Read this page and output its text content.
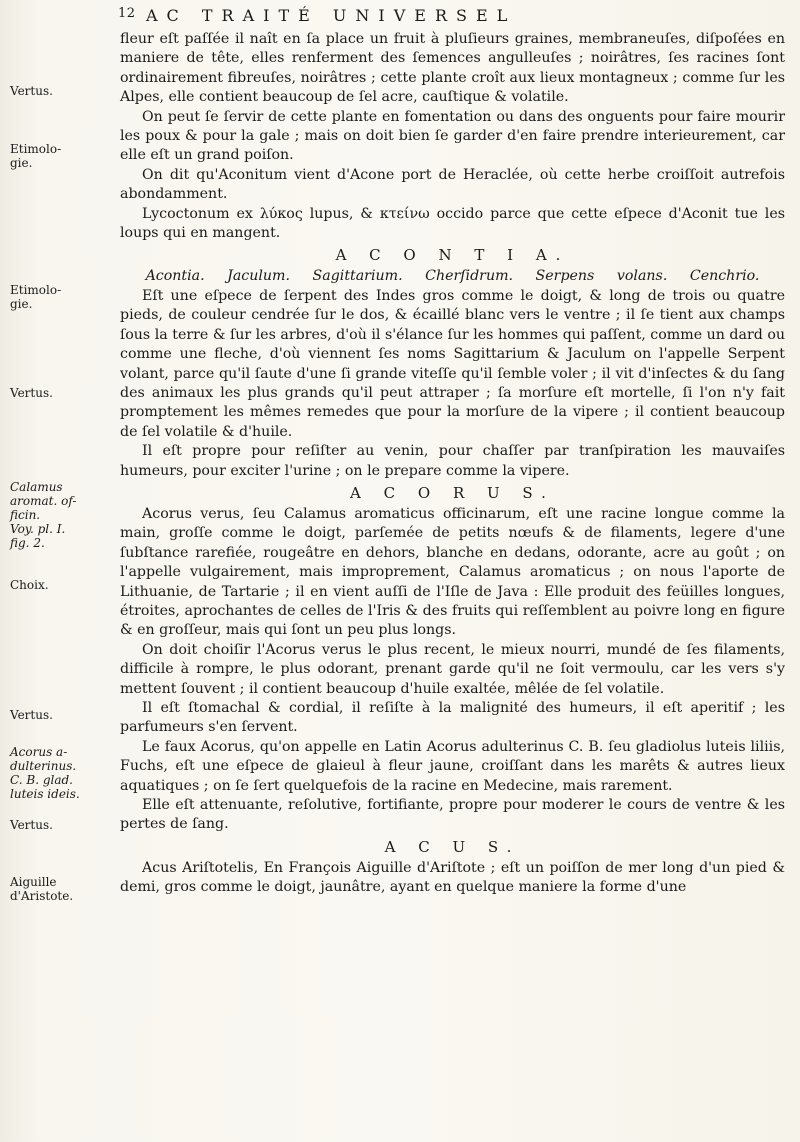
12 AC TRAITÉ UNIVERSEL
Vertus.
Etimolo-
gie.
Etimolo-
gie.
Vertus.
Calamus
aromat. of-
ficin.
Voy. pl. I.
fig. 2.
Choix.
Vertus.
Acorus a-
dulterinus.
C. B. glad.
luteis ideis.
Vertus.
Aiguille
d'Aristote.

fleur eſt paſſée il naît en ſa place un fruit à pluſieurs graines, membraneuſes, diſpoſées en maniere de tête, elles renferment des ſemences angulleuſes ; noirâtres, ſes racines ſont ordinairement fibreuſes, noirâtres ; cette plante croît aux lieux montagneux ; comme ſur les Alpes, elle contient beaucoup de ſel acre, cauſtique & volatile.

On peut ſe ſervir de cette plante en fomentation ou dans des onguents pour faire mourir les poux & pour la gale ; mais on doit bien ſe garder d'en faire prendre interieurement, car elle eſt un grand poiſon.

On dit qu'Aconitum vient d'Acone port de Heraclée, où cette herbe croiſſoit autrefois abondamment.

Lycoctonum ex λύκος lupus, & κτείνω occido parce que cette eſpece d'Aconit tue les loups qui en mangent.

A C O N T I A.

Acontia. Jaculum. Sagittarium. Cherſidrum. Serpens volans. Cenchrio.

Eſt une eſpece de ſerpent des Indes gros comme le doigt, & long de trois ou quatre pieds, de couleur cendrée ſur le dos, & écaillé blanc vers le ventre ; il ſe tient aux champs ſous la terre & ſur les arbres, d'où il s'élance ſur les hommes qui paſſent, comme un dard ou comme une fleche, d'où viennent ſes noms Sagittarium & Jaculum on l'appelle Serpent volant, parce qu'il ſaute d'une ſi grande viteſſe qu'il ſemble voler ; il vit d'inſectes & du ſang des animaux les plus grands qu'il peut attraper ; ſa morſure eſt mortelle, ſi l'on n'y fait promptement les mêmes remedes que pour la morſure de la vipere ; il contient beaucoup de ſel volatile & d'huile.

Il eſt propre pour reſiſter au venin, pour chaſſer par tranſpiration les mauvaiſes humeurs, pour exciter l'urine ; on le prepare comme la vipere.

A C O R U S.

Acorus verus, ſeu Calamus aromaticus officinarum, eſt une racine longue comme la main, groſſe comme le doigt, parſemée de petits nœufs & de filaments, legere d'une ſubſtance rarefiée, rougeâtre en dehors, blanche en dedans, odorante, acre au goût ; on l'appelle vulgairement, mais improprement, Calamus aromaticus ; on nous l'aporte de Lithuanie, de Tartarie ; il en vient auſſi de l'Iſle de Java : Elle produit des feüilles longues, étroites, aprochantes de celles de l'Iris & des fruits qui reſſemblent au poivre long en figure & en groſſeur, mais qui ſont un peu plus longs.

On doit choiſir l'Acorus verus le plus recent, le mieux nourri, mundé de ſes filaments, difficile à rompre, le plus odorant, prenant garde qu'il ne ſoit vermoulu, car les vers s'y mettent ſouvent ; il contient beaucoup d'huile exaltée, mêlée de ſel volatile.

Il eſt ſtomachal & cordial, il reſiſte à la malignité des humeurs, il eſt aperitif ; les parfumeurs s'en ſervent.

Le faux Acorus, qu'on appelle en Latin Acorus adulterinus C. B. ſeu gladiolus luteis liliis, Fuchs, eſt une eſpece de glaieul à fleur jaune, croiſſant dans les marêts & autres lieux aquatiques ; on ſe ſert quelquefois de la racine en Medecine, mais rarement.

Elle eſt attenuante, reſolutive, fortifiante, propre pour moderer le cours de ventre & les pertes de ſang.

A C U S.

Acus Ariſtotelis, En François Aiguille d'Ariſtote ; eſt un poiſſon de mer long d'un pied & demi, gros comme le doigt, jaunâtre, ayant en quelque maniere la forme d'une
